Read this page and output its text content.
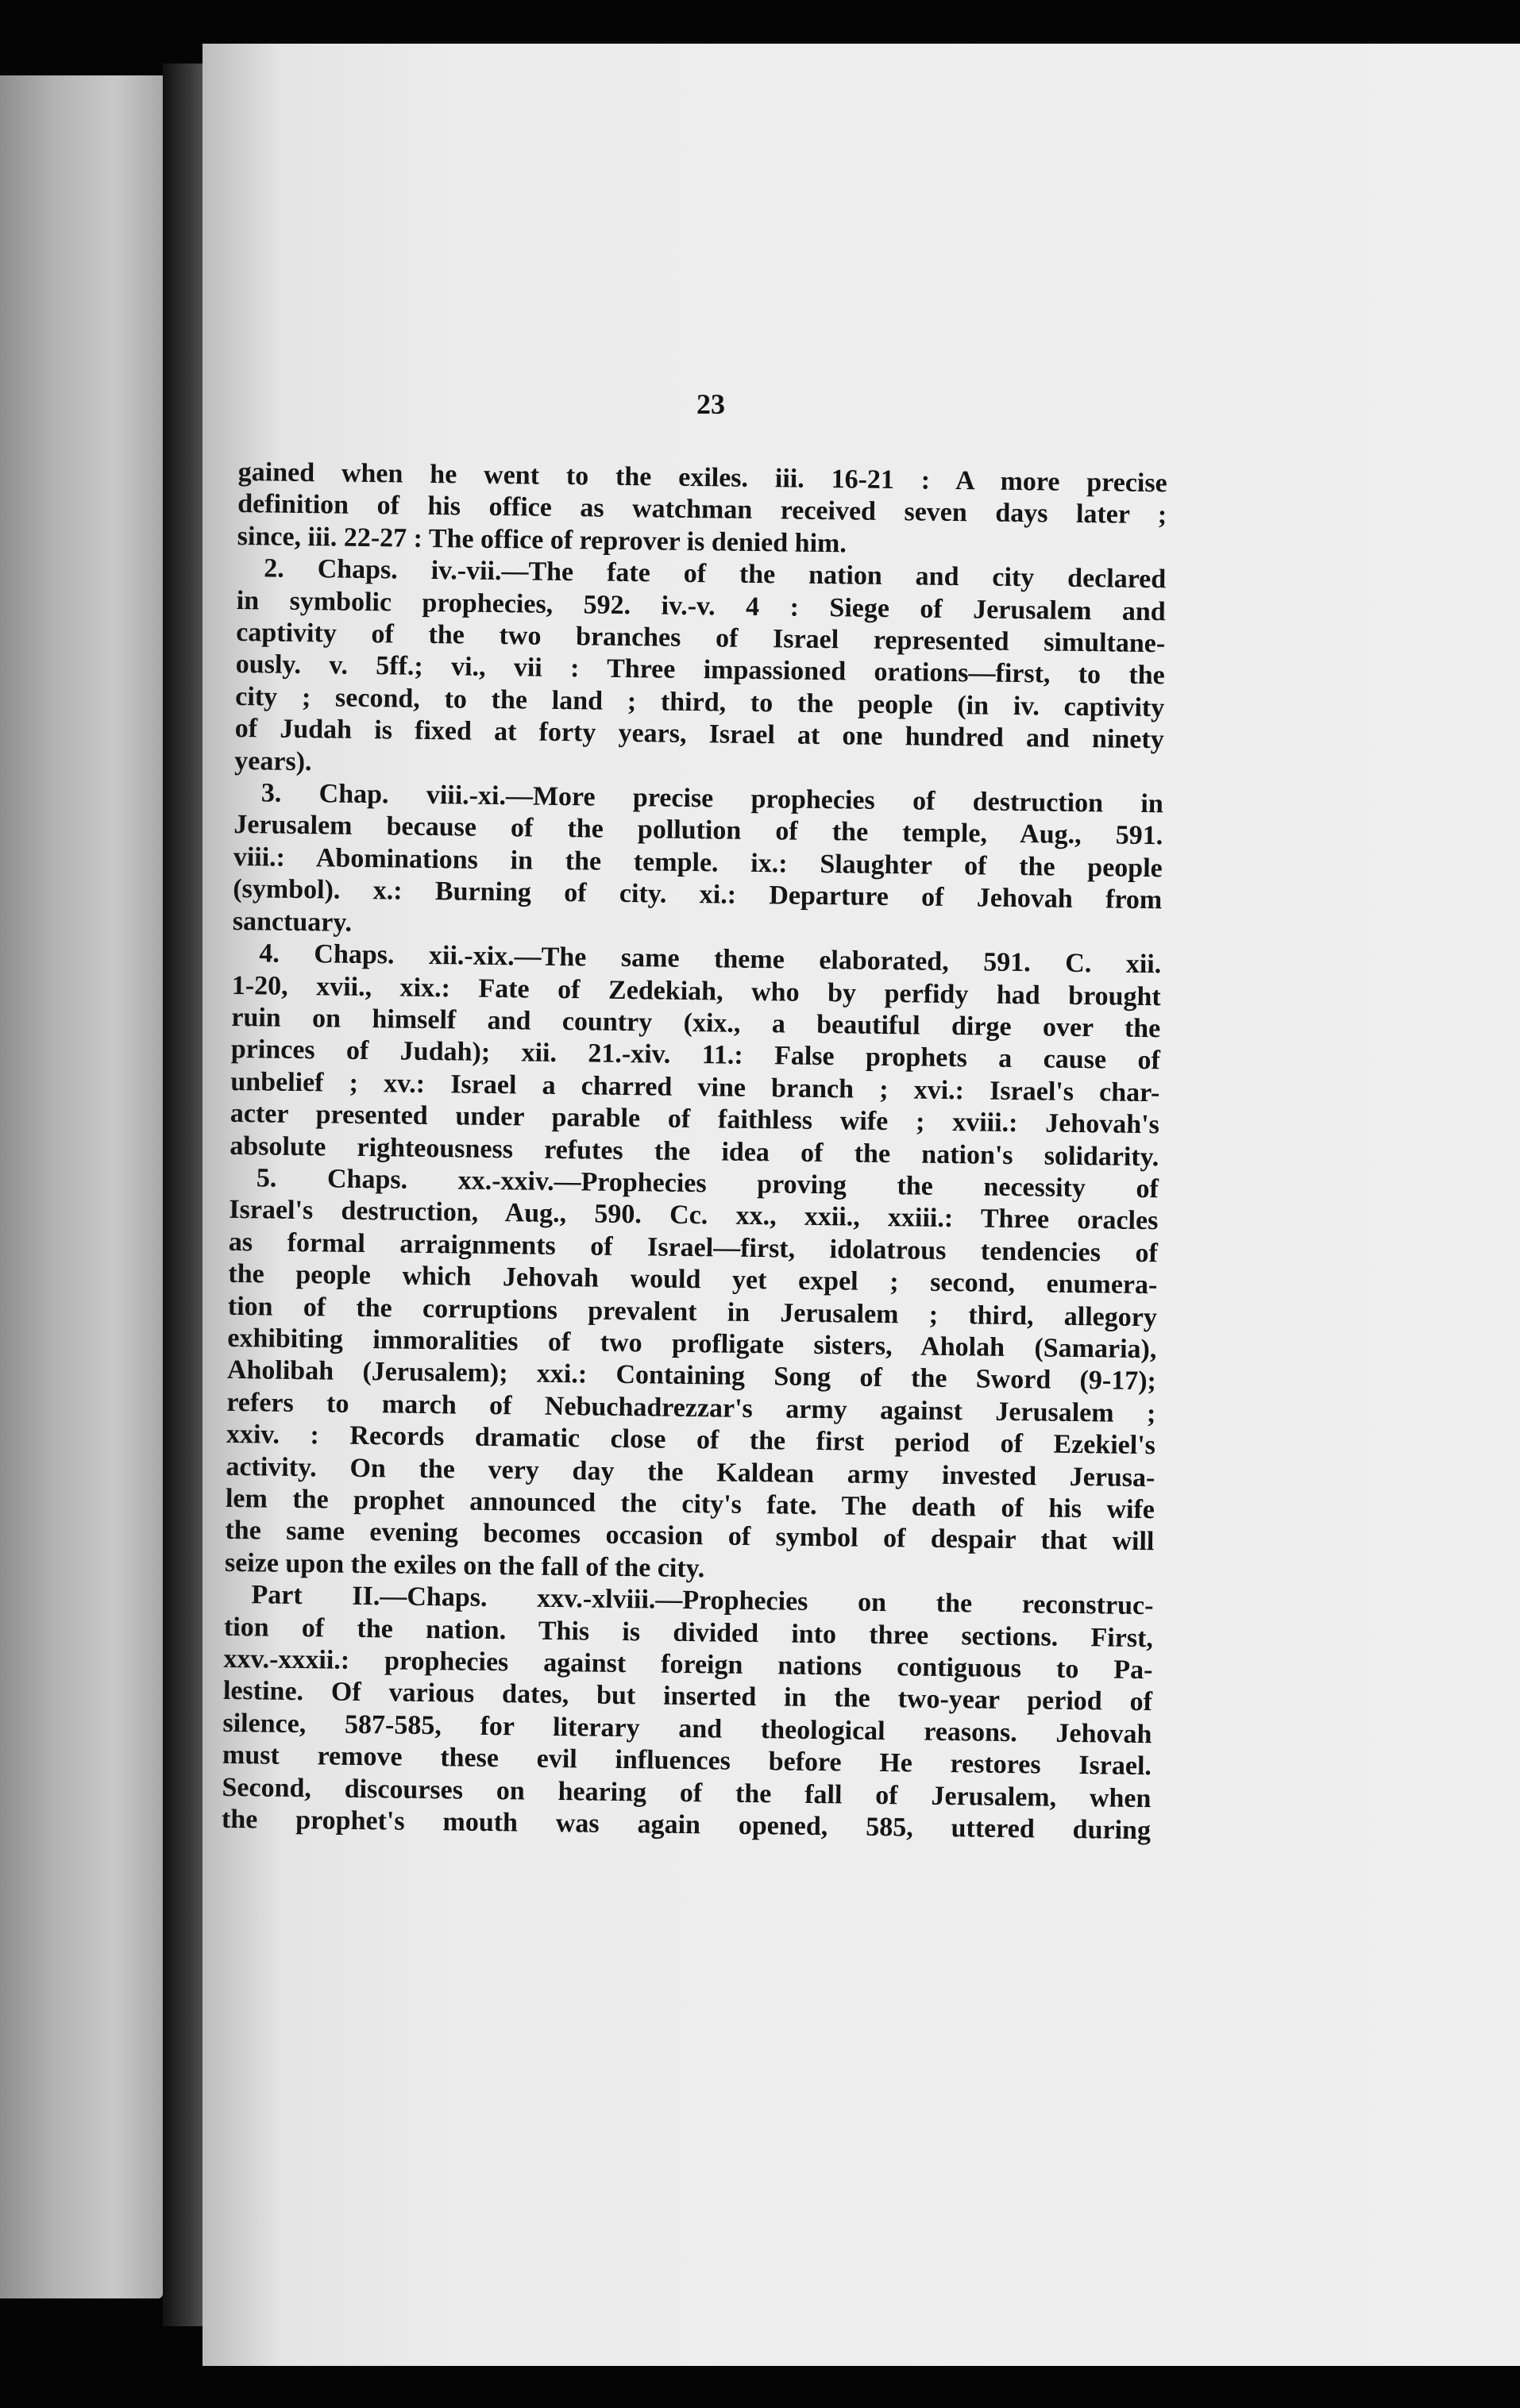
23
gained when he went to the exiles. iii. 16-21 : A more precise
definition of his office as watchman received seven days later ;
since, iii. 22-27 : The office of reprover is denied him.
2. Chaps. iv.-vii.—The fate of the nation and city declared
in symbolic prophecies, 592. iv.-v. 4 : Siege of Jerusalem and
captivity of the two branches of Israel represented simultane-
ously. v. 5ff.; vi., vii : Three impassioned orations—first, to the
city ; second, to the land ; third, to the people (in iv. captivity
of Judah is fixed at forty years, Israel at one hundred and ninety
years).
3. Chap. viii.-xi.—More precise prophecies of destruction in
Jerusalem because of the pollution of the temple, Aug., 591.
viii.: Abominations in the temple. ix.: Slaughter of the people
(symbol). x.: Burning of city. xi.: Departure of Jehovah from
sanctuary.
4. Chaps. xii.-xix.—The same theme elaborated, 591. C. xii.
1-20, xvii., xix.: Fate of Zedekiah, who by perfidy had brought
ruin on himself and country (xix., a beautiful dirge over the
princes of Judah); xii. 21.-xiv. 11.: False prophets a cause of
unbelief ; xv.: Israel a charred vine branch ; xvi.: Israel's char-
acter presented under parable of faithless wife ; xviii.: Jehovah's
absolute righteousness refutes the idea of the nation's solidarity.
5. Chaps. xx.-xxiv.—Prophecies proving the necessity of
Israel's destruction, Aug., 590. Cc. xx., xxii., xxiii.: Three oracles
as formal arraignments of Israel—first, idolatrous tendencies of
the people which Jehovah would yet expel ; second, enumera-
tion of the corruptions prevalent in Jerusalem ; third, allegory
exhibiting immoralities of two profligate sisters, Aholah (Samaria),
Aholibah (Jerusalem); xxi.: Containing Song of the Sword (9-17);
refers to march of Nebuchadrezzar's army against Jerusalem ;
xxiv. : Records dramatic close of the first period of Ezekiel's
activity. On the very day the Kaldean army invested Jerusa-
lem the prophet announced the city's fate. The death of his wife
the same evening becomes occasion of symbol of despair that will
seize upon the exiles on the fall of the city.
Part II.—Chaps. xxv.-xlviii.—Prophecies on the reconstruc-
tion of the nation. This is divided into three sections. First,
xxv.-xxxii.: prophecies against foreign nations contiguous to Pa-
lestine. Of various dates, but inserted in the two-year period of
silence, 587-585, for literary and theological reasons. Jehovah
must remove these evil influences before He restores Israel.
Second, discourses on hearing of the fall of Jerusalem, when
the prophet's mouth was again opened, 585, uttered during
